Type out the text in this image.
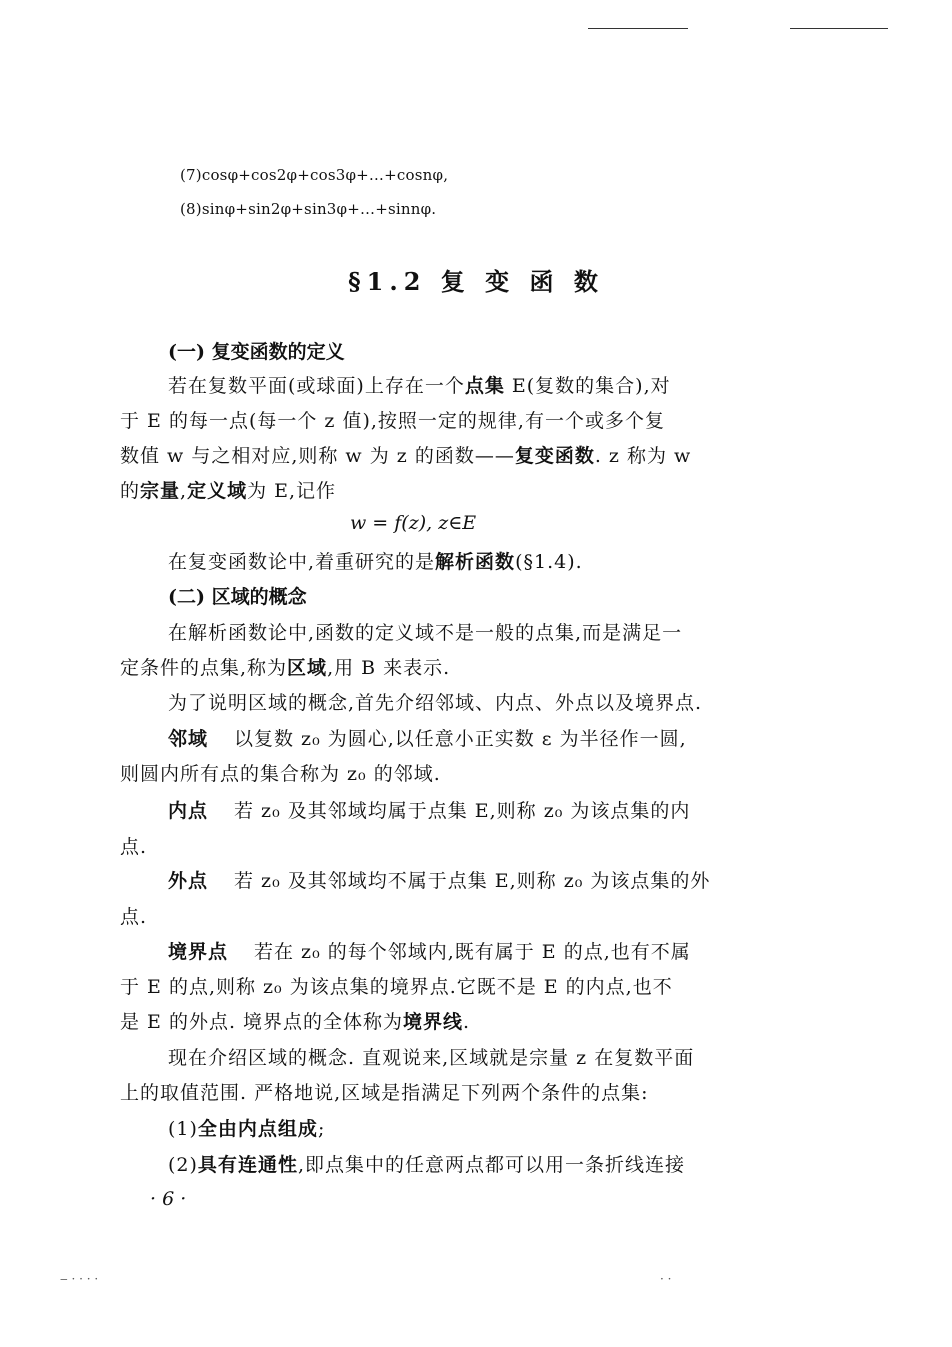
(7)cosφ+cos2φ+cos3φ+…+cosnφ,
(8)sinφ+sin2φ+sin3φ+…+sinnφ.
§1.2 复 变 函 数
(一) 复变函数的定义
若在复数平面(或球面)上存在一个点集 E(复数的集合),对
于 E 的每一点(每一个 z 值),按照一定的规律,有一个或多个复
数值 w 与之相对应,则称 w 为 z 的函数——复变函数. z 称为 w
的宗量,定义域为 E,记作
w = f(z), z∈E
在复变函数论中,着重研究的是解析函数(§1.4).
(二) 区域的概念
在解析函数论中,函数的定义域不是一般的点集,而是满足一
定条件的点集,称为区域,用 B 来表示.
为了说明区域的概念,首先介绍邻域、内点、外点以及境界点.
邻域 以复数 z₀ 为圆心,以任意小正实数 ε 为半径作一圆,
则圆内所有点的集合称为 z₀ 的邻域.
内点 若 z₀ 及其邻域均属于点集 E,则称 z₀ 为该点集的内
点.
外点 若 z₀ 及其邻域均不属于点集 E,则称 z₀ 为该点集的外
点.
境界点 若在 z₀ 的每个邻域内,既有属于 E 的点,也有不属
于 E 的点,则称 z₀ 为该点集的境界点.它既不是 E 的内点,也不
是 E 的外点. 境界点的全体称为境界线.
现在介绍区域的概念. 直观说来,区域就是宗量 z 在复数平面
上的取值范围. 严格地说,区域是指满足下列两个条件的点集:
(1)全由内点组成;
(2)具有连通性,即点集中的任意两点都可以用一条折线连接
· 6 ·
‒ · · · ·	· ·
